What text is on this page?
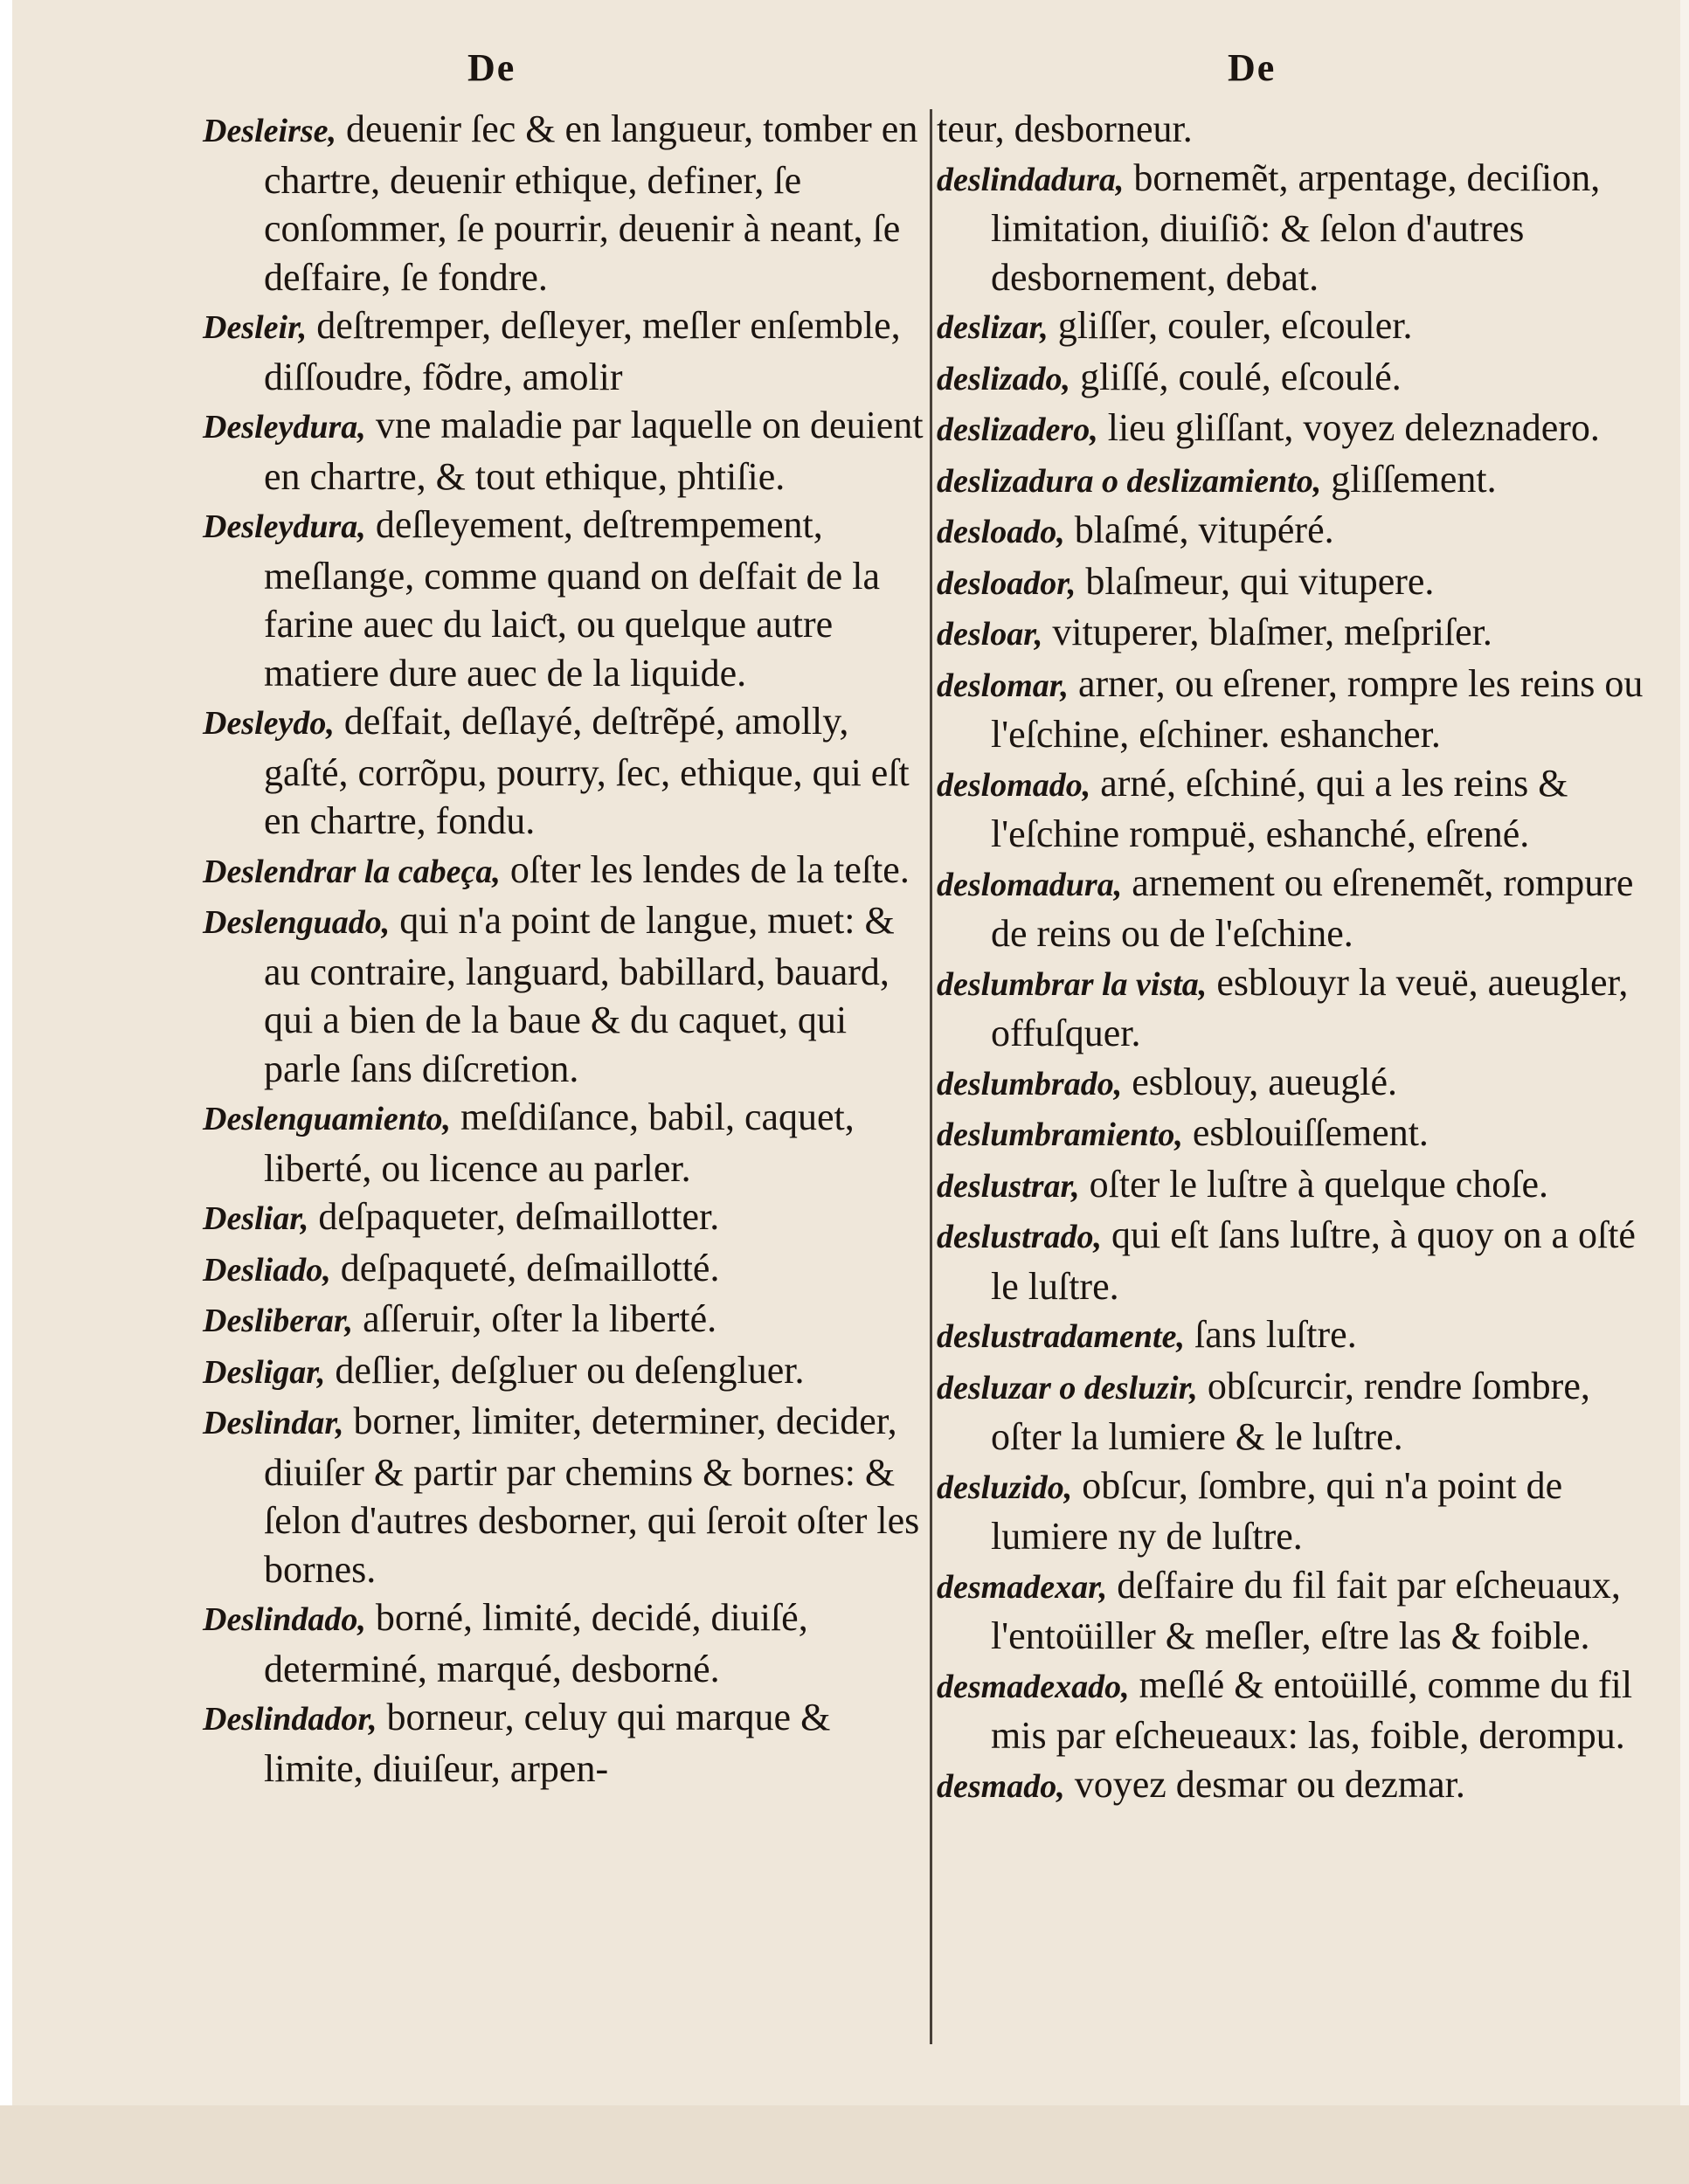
De	De

Desleirse, deuenir ſec & en langueur, tomber en chartre, deuenir ethique, definer, ſe conſommer, ſe pourrir, deuenir à neant, ſe deſfaire, ſe fondre.

Desleir, deſtremper, deſleyer, meſler enſemble, diſſoudre, fõdre, amolir

Desleydura, vne maladie par laquelle on deuient en chartre, & tout ethique, phtiſie.

Desleydura, deſleyement, deſtrempement, meſlange, comme quand on deſfait de la farine auec du laiƈt, ou quelque autre matiere dure auec de la liquide.

Desleydo, deſfait, deſlayé, deſtrẽpé, amolly, gaſté, corrõpu, pourry, ſec, ethique, qui eſt en chartre, fondu.

Deslendrar la cabeça, oſter les lendes de la teſte.

Deslenguado, qui n'a point de langue, muet: & au contraire, languard, babillard, bauard, qui a bien de la baue & du caquet, qui parle ſans diſcretion.

Deslenguamiento, meſdiſance, babil, caquet, liberté, ou licence au parler.

Desliar, deſpaqueter, deſmaillotter.

Desliado, deſpaqueté, deſmaillotté.

Desliberar, aſſeruir, oſter la liberté.

Desligar, deſlier, deſgluer ou deſengluer.

Deslindar, borner, limiter, determiner, decider, diuiſer & partir par chemins & bornes: & ſelon d'autres desborner, qui ſeroit oſter les bornes.

Deslindado, borné, limité, decidé, diuiſé, determiné, marqué, desborné.

Deslindador, borneur, celuy qui marque & limite, diuiſeur, arpen-

teur, desborneur.

deslindadura, bornemẽt, arpentage, deciſion, limitation, diuiſiõ: & ſelon d'autres desbornement, debat.

deslizar, gliſſer, couler, eſcouler.

deslizado, gliſſé, coulé, eſcoulé.

deslizadero, lieu gliſſant, voyez deleznadero.

deslizadura o deslizamiento, gliſſement.

desloado, blaſmé, vitupéré.

desloador, blaſmeur, qui vitupere.

desloar, vituperer, blaſmer, meſpriſer.

deslomar, arner, ou eſrener, rompre les reins ou l'eſchine, eſchiner. eshancher.

deslomado, arné, eſchiné, qui a les reins & l'eſchine rompuë, eshanché, eſrené.

deslomadura, arnement ou eſrenemẽt, rompure de reins ou de l'eſchine.

deslumbrar la vista, esblouyr la veuë, aueugler, offuſquer.

deslumbrado, esblouy, aueuglé.

deslumbramiento, esblouiſſement.

deslustrar, oſter le luſtre à quelque choſe.

deslustrado, qui eſt ſans luſtre, à quoy on a oſté le luſtre.

deslustradamente, ſans luſtre.

desluzar o desluzir, obſcurcir, rendre ſombre, oſter la lumiere & le luſtre.

desluzido, obſcur, ſombre, qui n'a point de lumiere ny de luſtre.

desmadexar, deſfaire du fil fait par eſcheuaux, l'entoüiller & meſler, eſtre las & foible.

desmadexado, meſlé & entoüillé, comme du fil mis par eſcheueaux: las, foible, derompu.

desmado, voyez desmar ou dezmar.
